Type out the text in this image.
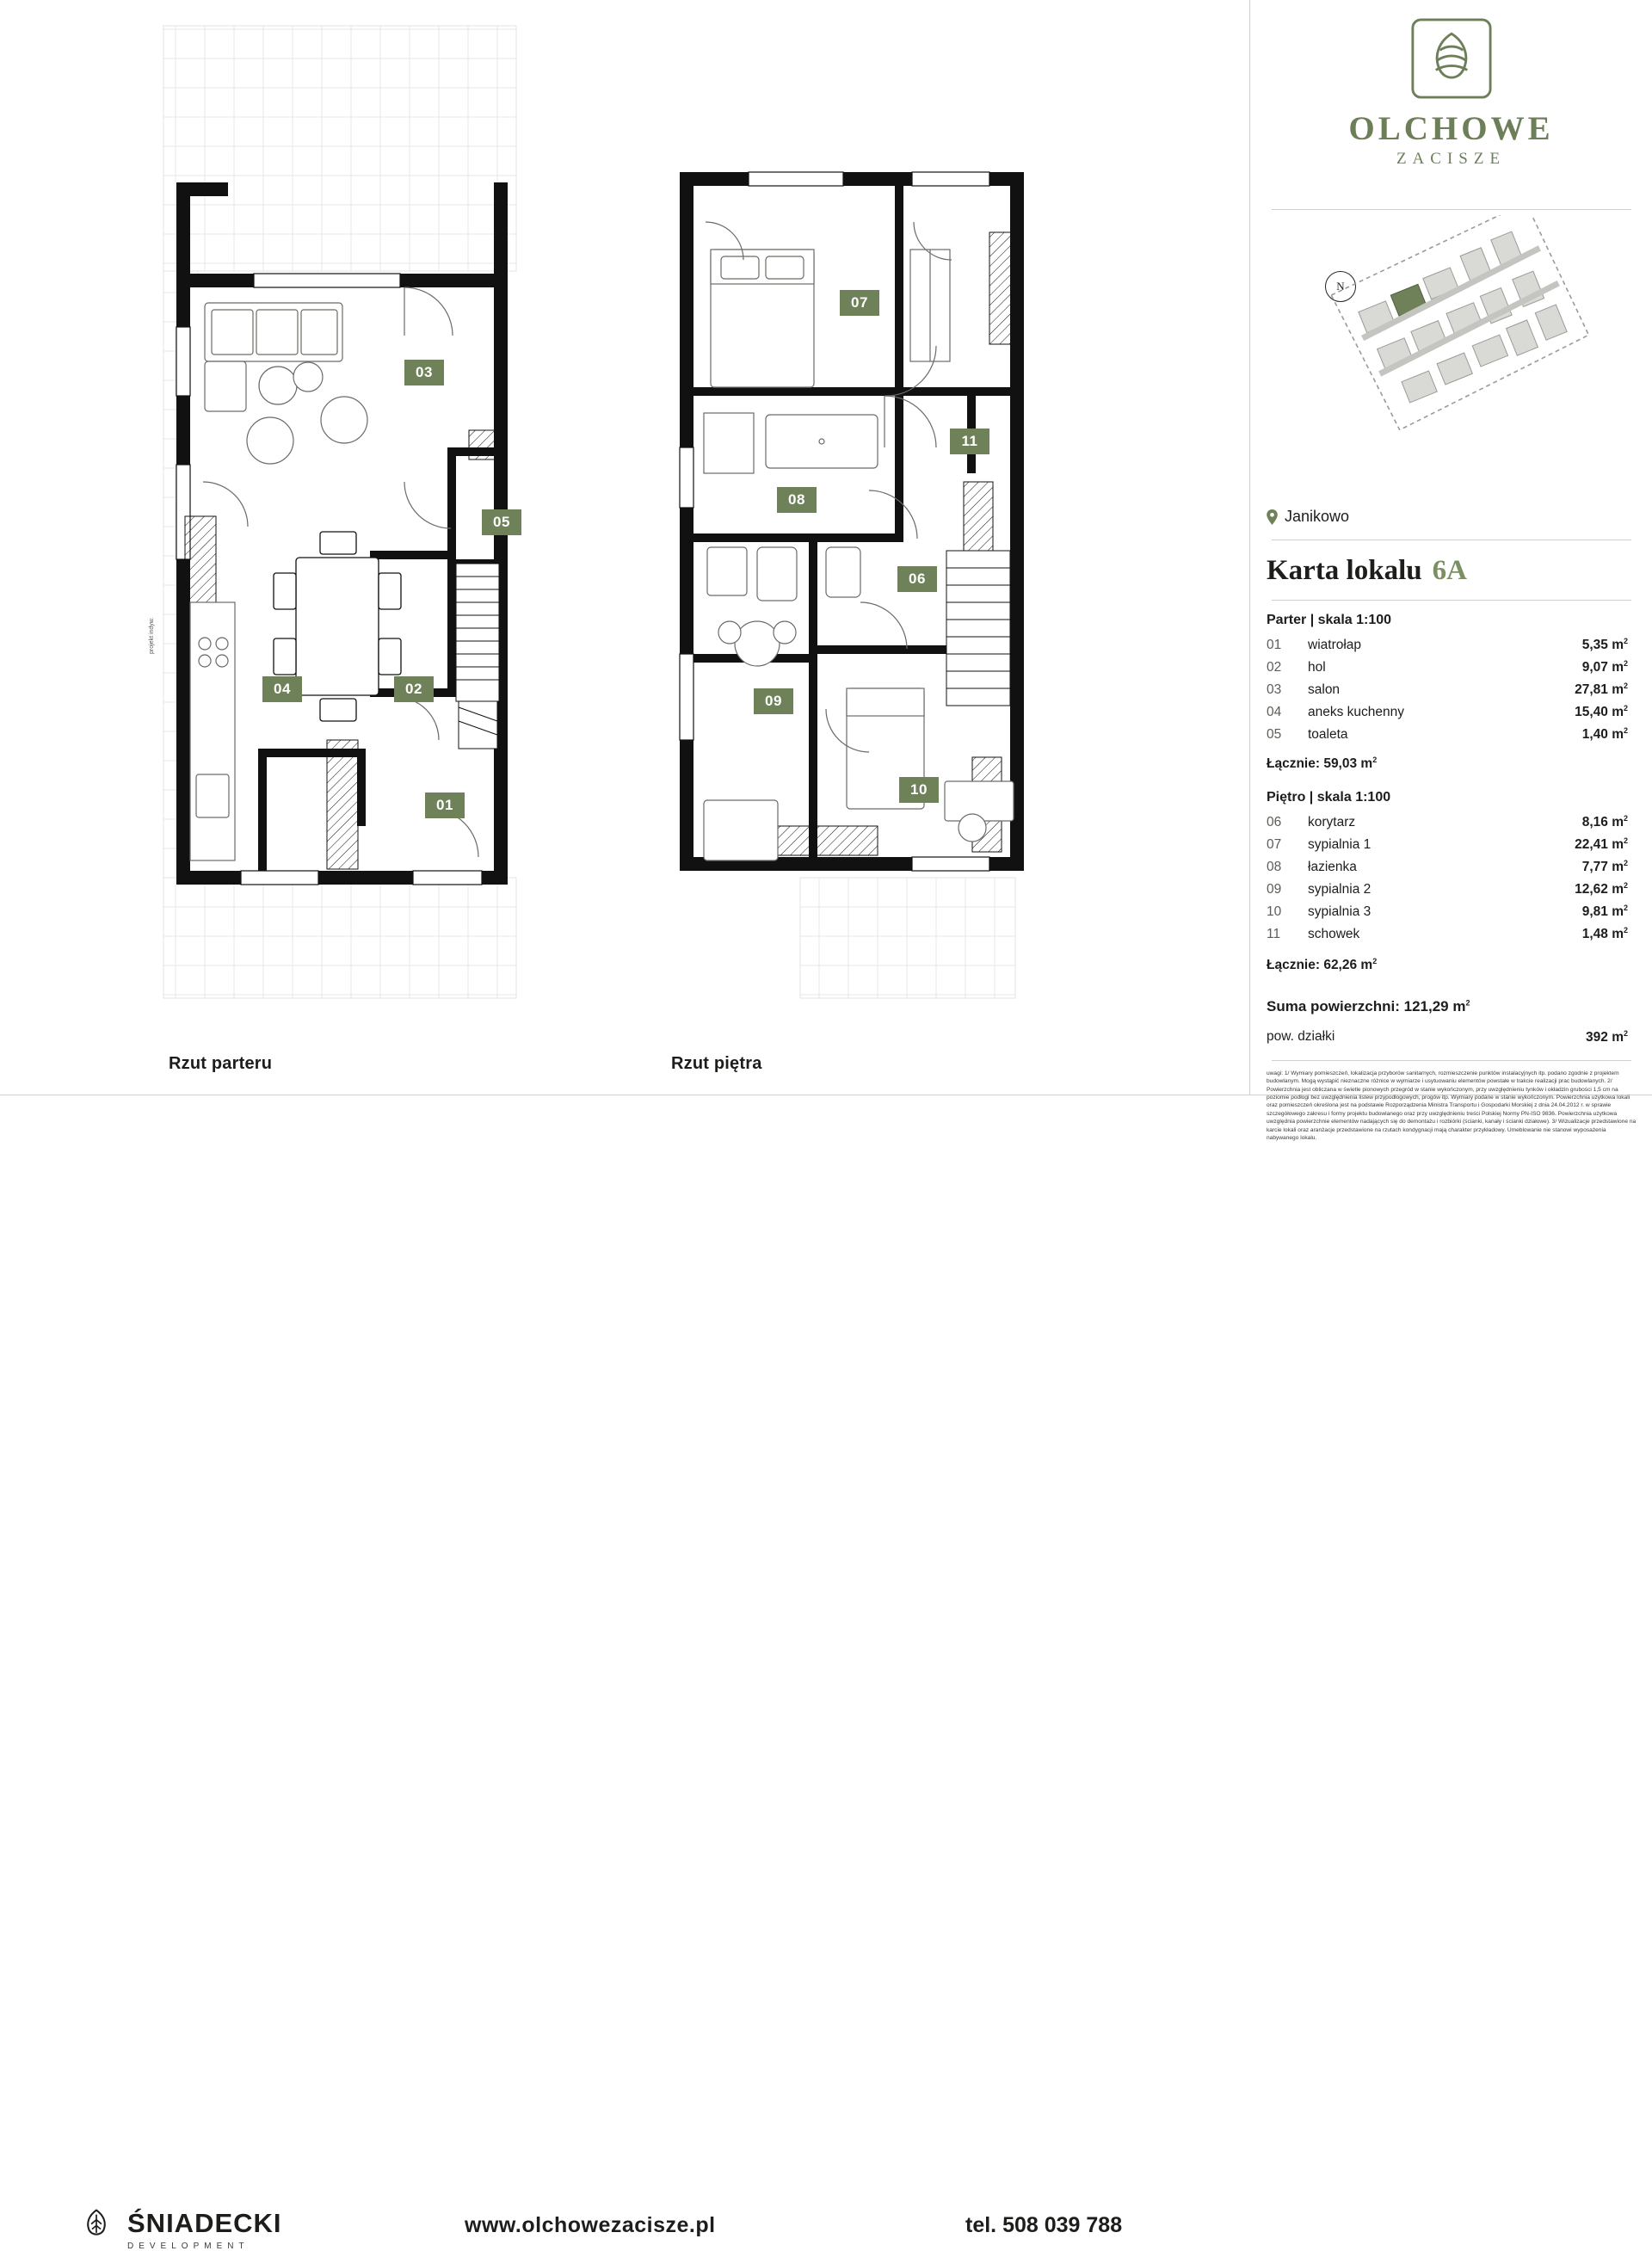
projekt indyw.
03
05
04	02
01
07
11
08
06
09
10
Rzut parteru	Rzut piętra
ŚNIADECKI
DEVELOPMENT
www.olchowezacisze.pl	tel. 508 039 788
OLCHOWE
ZACISZE
N
Janikowo
Karta lokalu 6A
Parter | skala 1:100
01	wiatrołap	5,35 $m^2$
02	hol	9,07 $m^2$
03	salon	27,81 $m^2$
04	aneks kuchenny	15,40 $m^2$
05	toaleta	1,40 $m^2$
Łącznie: 59,03 $m^2$
Piętro | skala 1:100
06	korytarz	8,16 $m^2$
07	sypialnia 1	22,41 $m^2$
08	łazienka	7,77 $m^2$
09	sypialnia 2	12,62 $m^2$
10	sypialnia 3	9,81 $m^2$
11	schowek	1,48 $m^2$
Łącznie: 62,26 $m^2$
Suma powierzchni: 121,29 $m^2$
pow. działki	392 $m^2$
uwagi: 1/ Wymiary pomieszczeń, lokalizacja przyborów sanitarnych, rozmieszczenie punktów instalacyjnych itp. podano zgodnie z projektem budowlanym. Mogą wystąpić nieznaczne różnice w wymiarze i usytuowaniu elementów powstałe w trakcie realizacji prac budowlanych. 2/ Powierzchnia jest obliczana w świetle pionowych przegród w stanie wykończonym, przy uwzględnieniu tynków i okładzin grubości 1,5 cm na poziomie podłogi bez uwzględnienia listew przypodłogowych, progów itp. Wymiary podane w stanie wykończonym. Powierzchnia użytkowa lokali oraz pomieszczeń określona jest na podstawie Rozporządzenia Ministra Transportu i Gospodarki Morskiej z dnia 24.04.2012 r. w sprawie szczegółowego zakresu i formy projektu budowlanego oraz przy uwzględnieniu treści Polskiej Normy PN-ISO 9836. Powierzchnia użytkowa uwzględnia powierzchnie elementów nadających się do demontażu i rozbiórki (ścianki, kanały i ścianki działowe). 3/ Wizualizacje przedstawione na karcie lokali oraz aranżacje przedstawione na rzutach kondygnacji mają charakter przykładowy. Umeblowanie nie stanowi wyposażenia nabywanego lokalu.
